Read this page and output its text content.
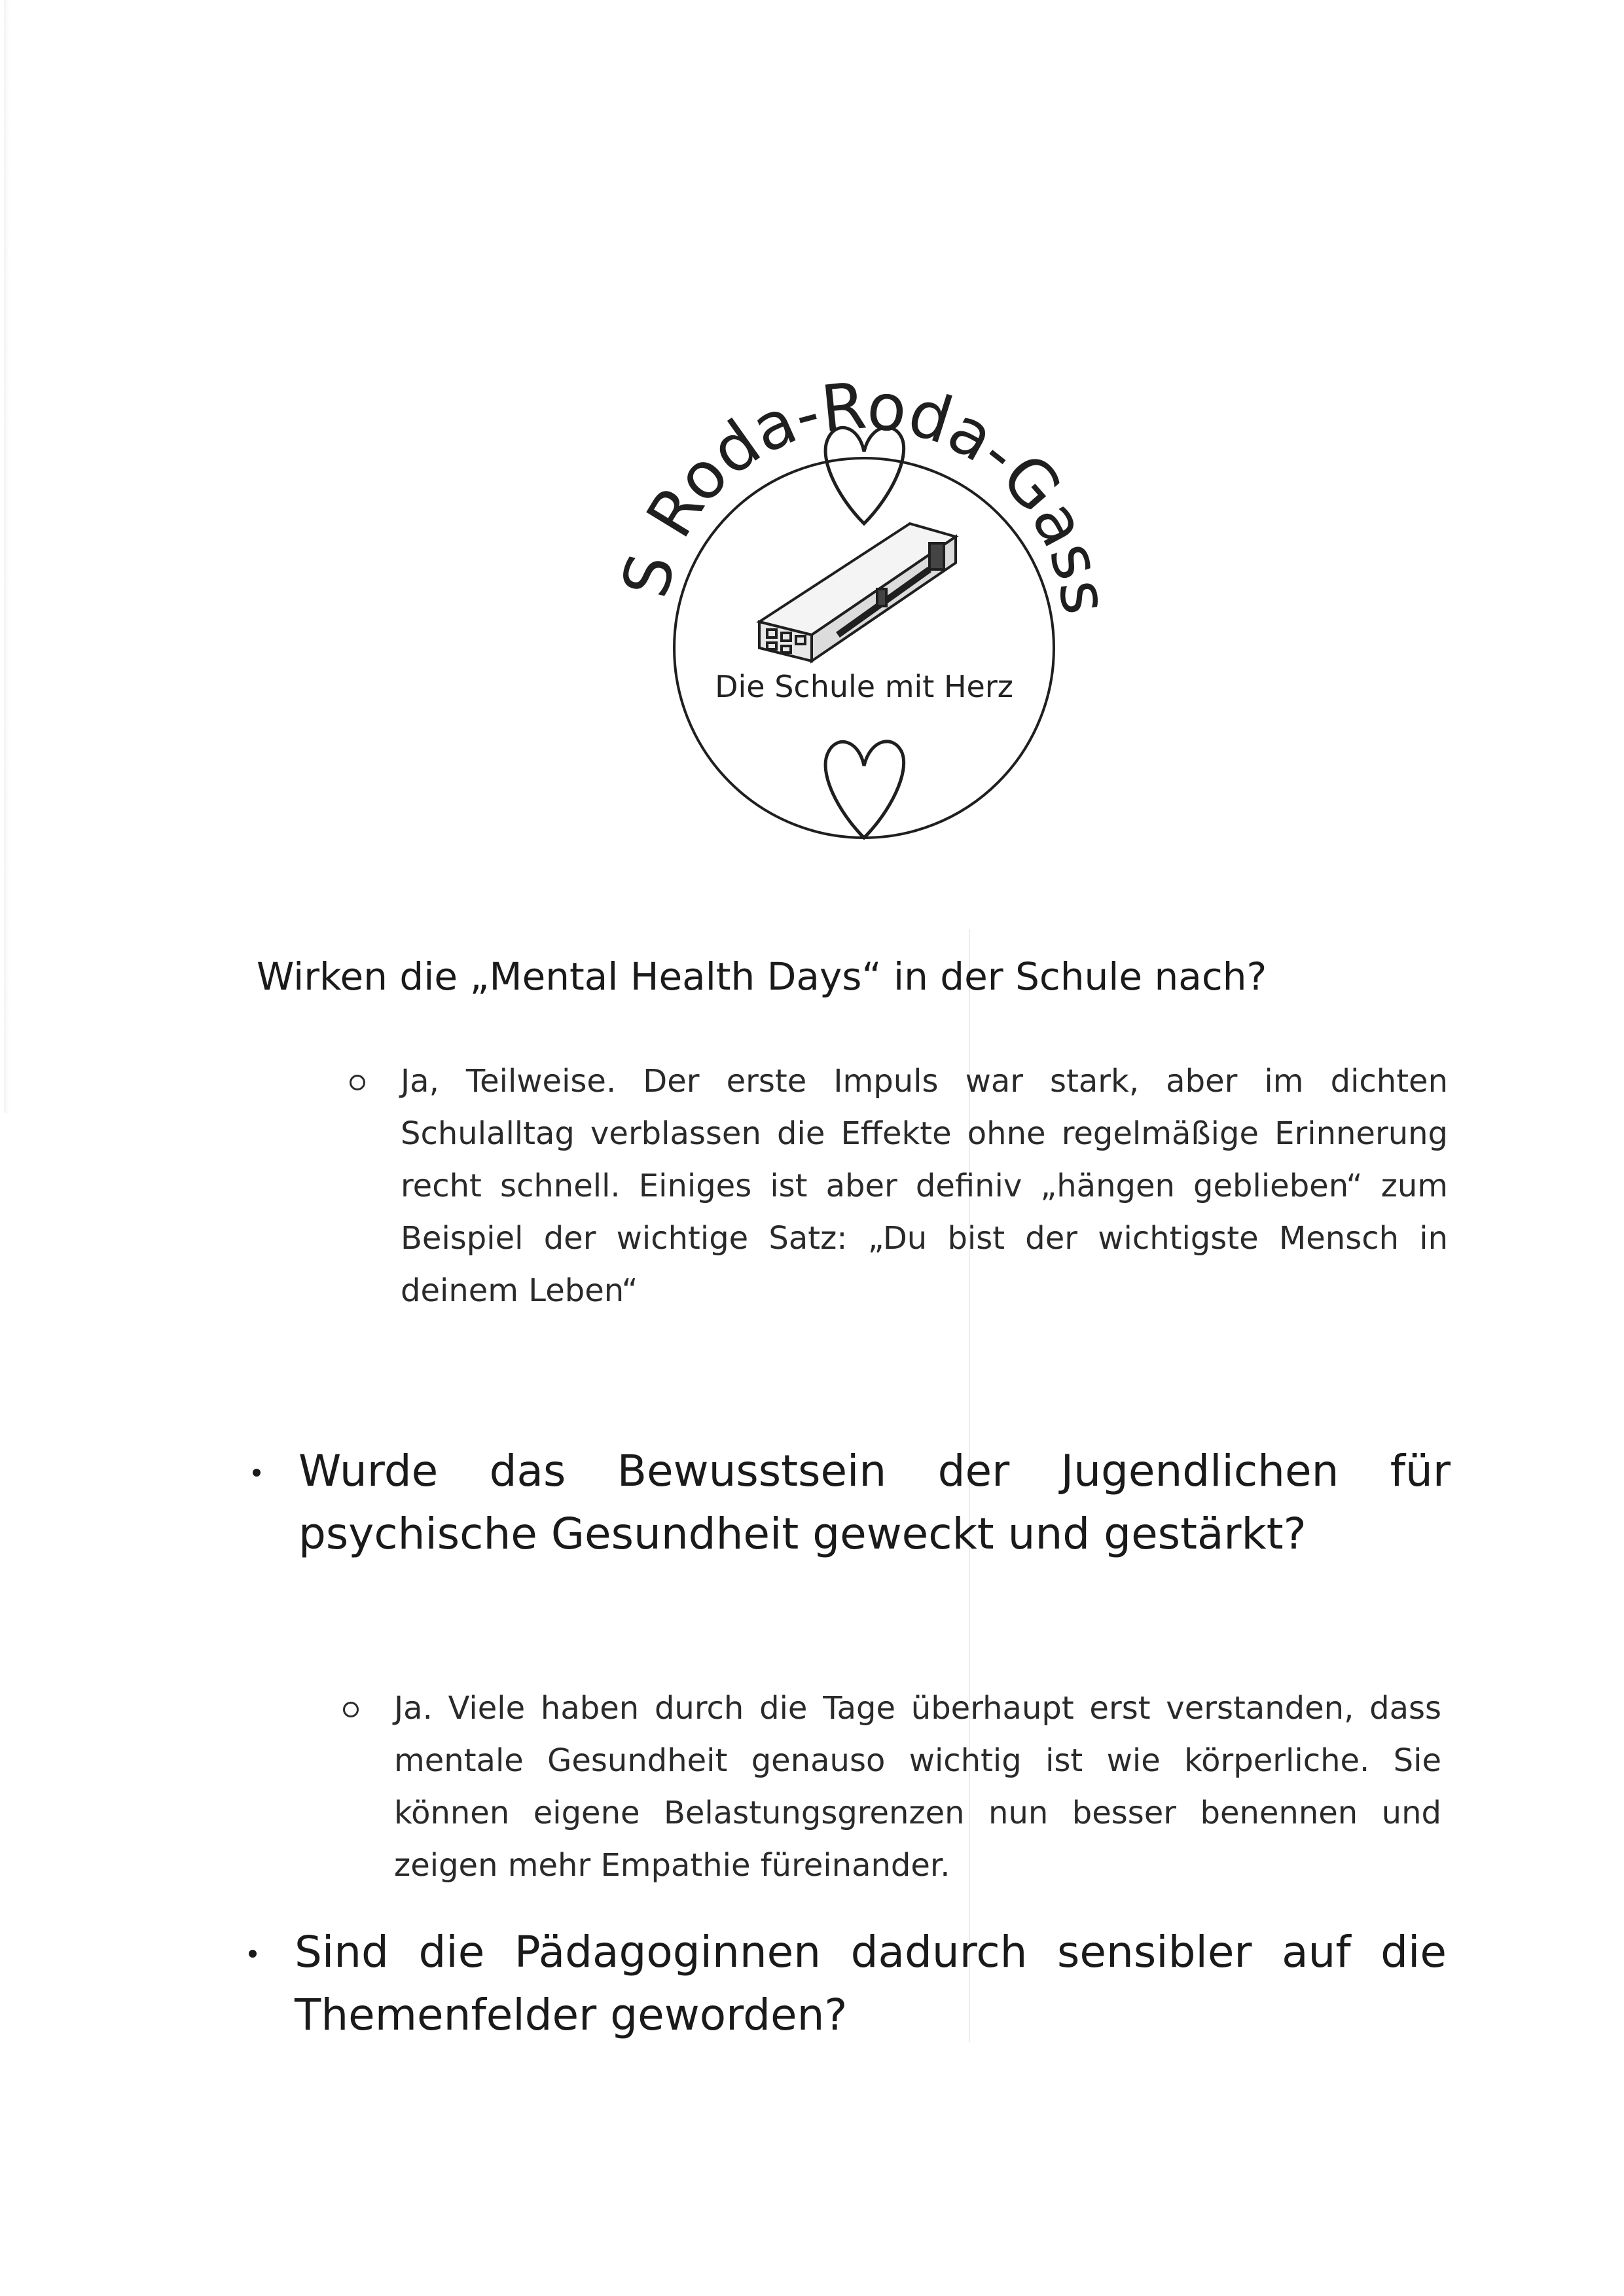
MS Roda-Roda-Gasse
Die Schule mit Herz
Wirken die „Mental Health Days“ in der Schule nach?

Ja, Teilweise. Der erste Impuls war stark, aber im dichten Schulalltag verblassen die Effekte ohne regelmäßige Erinnerung recht schnell. Einiges ist aber definiv „hängen geblieben“ zum Beispiel der wichtige Satz: „Du bist der wichtigste Mensch in deinem Leben“

Wurde das Bewusstsein der Jugendlichen für psychische Gesundheit geweckt und gestärkt?

Ja. Viele haben durch die Tage überhaupt erst verstanden, dass mentale Gesundheit genauso wichtig ist wie körperliche. Sie können eigene Belastungsgrenzen nun besser benennen und zeigen mehr Empathie füreinander.

Sind die Pädagoginnen dadurch sensibler auf die Themenfelder geworden?
